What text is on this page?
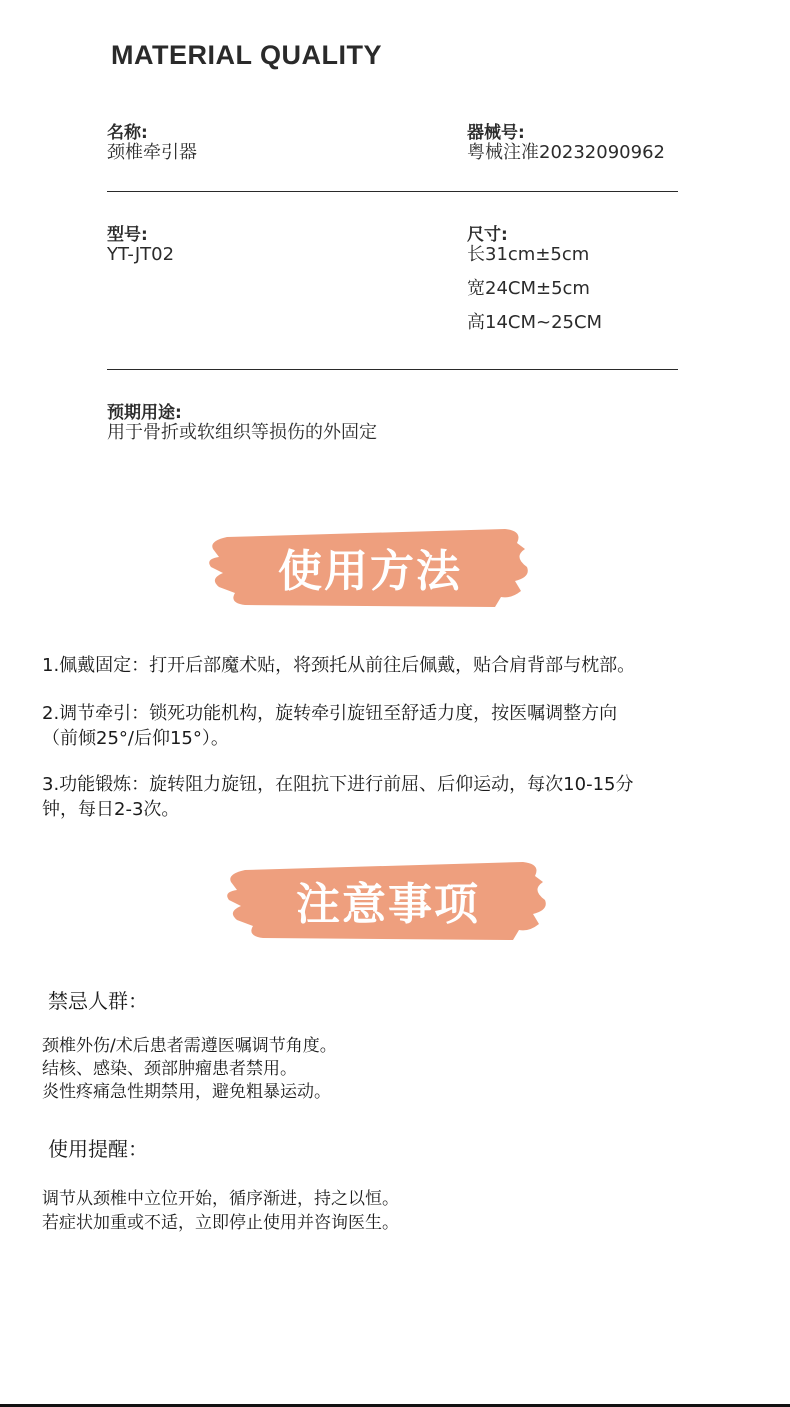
MATERIAL QUALITY
名称:
颈椎牵引器
器械号:
粤械注准20232090962
型号:
YT-JT02
尺寸:
长31cm±5cm
宽24CM±5cm
高14CM~25CM
预期用途:
用于骨折或软组织等损伤的外固定
使用方法
1.佩戴固定：打开后部魔术贴，将颈托从前往后佩戴，贴合肩背部与枕部。
2.调节牵引：锁死功能机构，旋转牵引旋钮至舒适力度，按医嘱调整方向
（前倾25°/后仰15°）。
3.功能锻炼：旋转阻力旋钮，在阻抗下进行前屈、后仰运动，每次10-15分
钟，每日2-3次。
注意事项
禁忌人群：
颈椎外伤/术后患者需遵医嘱调节角度。
结核、感染、颈部肿瘤患者禁用。
炎性疼痛急性期禁用，避免粗暴运动。
使用提醒：
调节从颈椎中立位开始，循序渐进，持之以恒。
若症状加重或不适，立即停止使用并咨询医生。
